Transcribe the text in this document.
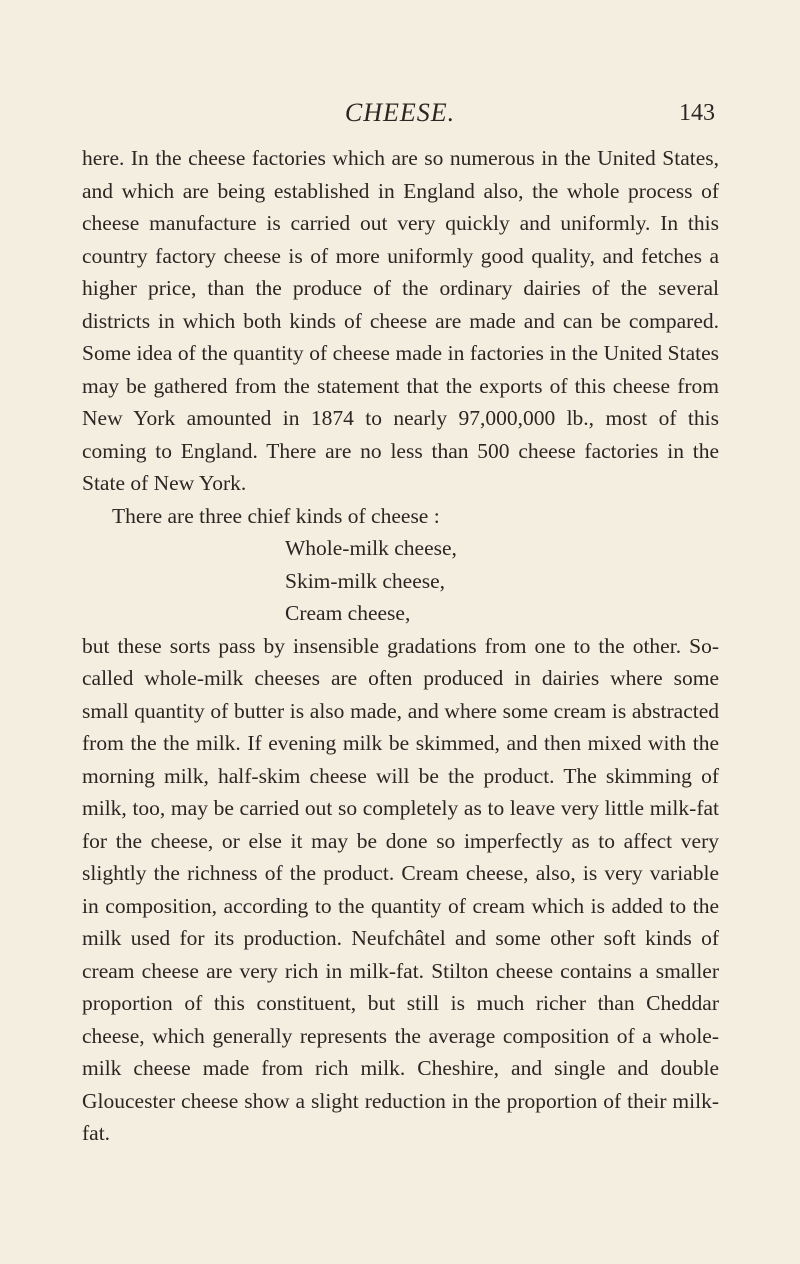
CHEESE.	143

here. In the cheese factories which are so numerous in the United States, and which are being established in England also, the whole process of cheese manufacture is carried out very quickly and uniformly. In this country factory cheese is of more uniformly good quality, and fetches a higher price, than the produce of the ordinary dairies of the several districts in which both kinds of cheese are made and can be compared. Some idea of the quantity of cheese made in factories in the United States may be gathered from the statement that the exports of this cheese from New York amounted in 1874 to nearly 97,000,000 lb., most of this coming to England. There are no less than 500 cheese factories in the State of New York.

There are three chief kinds of cheese :

Whole-milk cheese,
Skim-milk cheese,
Cream cheese,

but these sorts pass by insensible gradations from one to the other. So-called whole-milk cheeses are often produced in dairies where some small quantity of butter is also made, and where some cream is abstracted from the the milk. If evening milk be skimmed, and then mixed with the morning milk, half-skim cheese will be the product. The skimming of milk, too, may be carried out so completely as to leave very little milk-fat for the cheese, or else it may be done so imperfectly as to affect very slightly the richness of the product. Cream cheese, also, is very variable in composition, according to the quantity of cream which is added to the milk used for its production. Neufchâtel and some other soft kinds of cream cheese are very rich in milk-fat. Stilton cheese contains a smaller proportion of this constituent, but still is much richer than Cheddar cheese, which generally represents the average composition of a whole-milk cheese made from rich milk. Cheshire, and single and double Gloucester cheese show a slight reduction in the proportion of their milk-fat.
